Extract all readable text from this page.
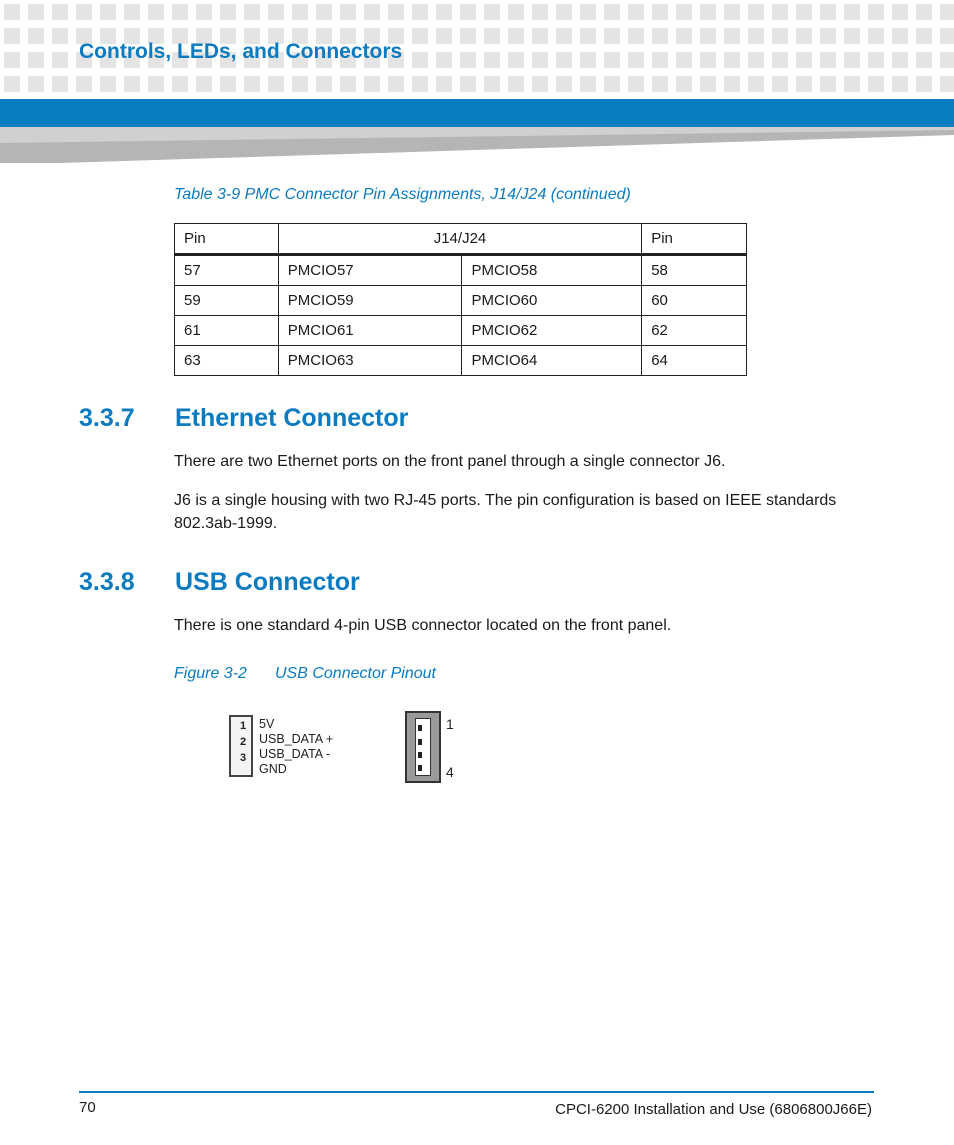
Controls, LEDs, and Connectors
Table 3-9 PMC Connector Pin Assignments, J14/J24 (continued)
Pin	J14/J24		Pin
57	PMCIO57	PMCIO58	58
59	PMCIO59	PMCIO60	60
61	PMCIO61	PMCIO62	62
63	PMCIO63	PMCIO64	64
3.3.7 Ethernet Connector
There are two Ethernet ports on the front panel through a single connector J6.
J6 is a single housing with two RJ-45 ports. The pin configuration is based on IEEE standards 802.3ab-1999.
3.3.8 USB Connector
There is one standard 4-pin USB connector located on the front panel.
Figure 3-2 USB Connector Pinout
1
2
3
5V
USB_DATA +
USB_DATA -
GND
1
4
70	CPCI-6200 Installation and Use (6806800J66E)
